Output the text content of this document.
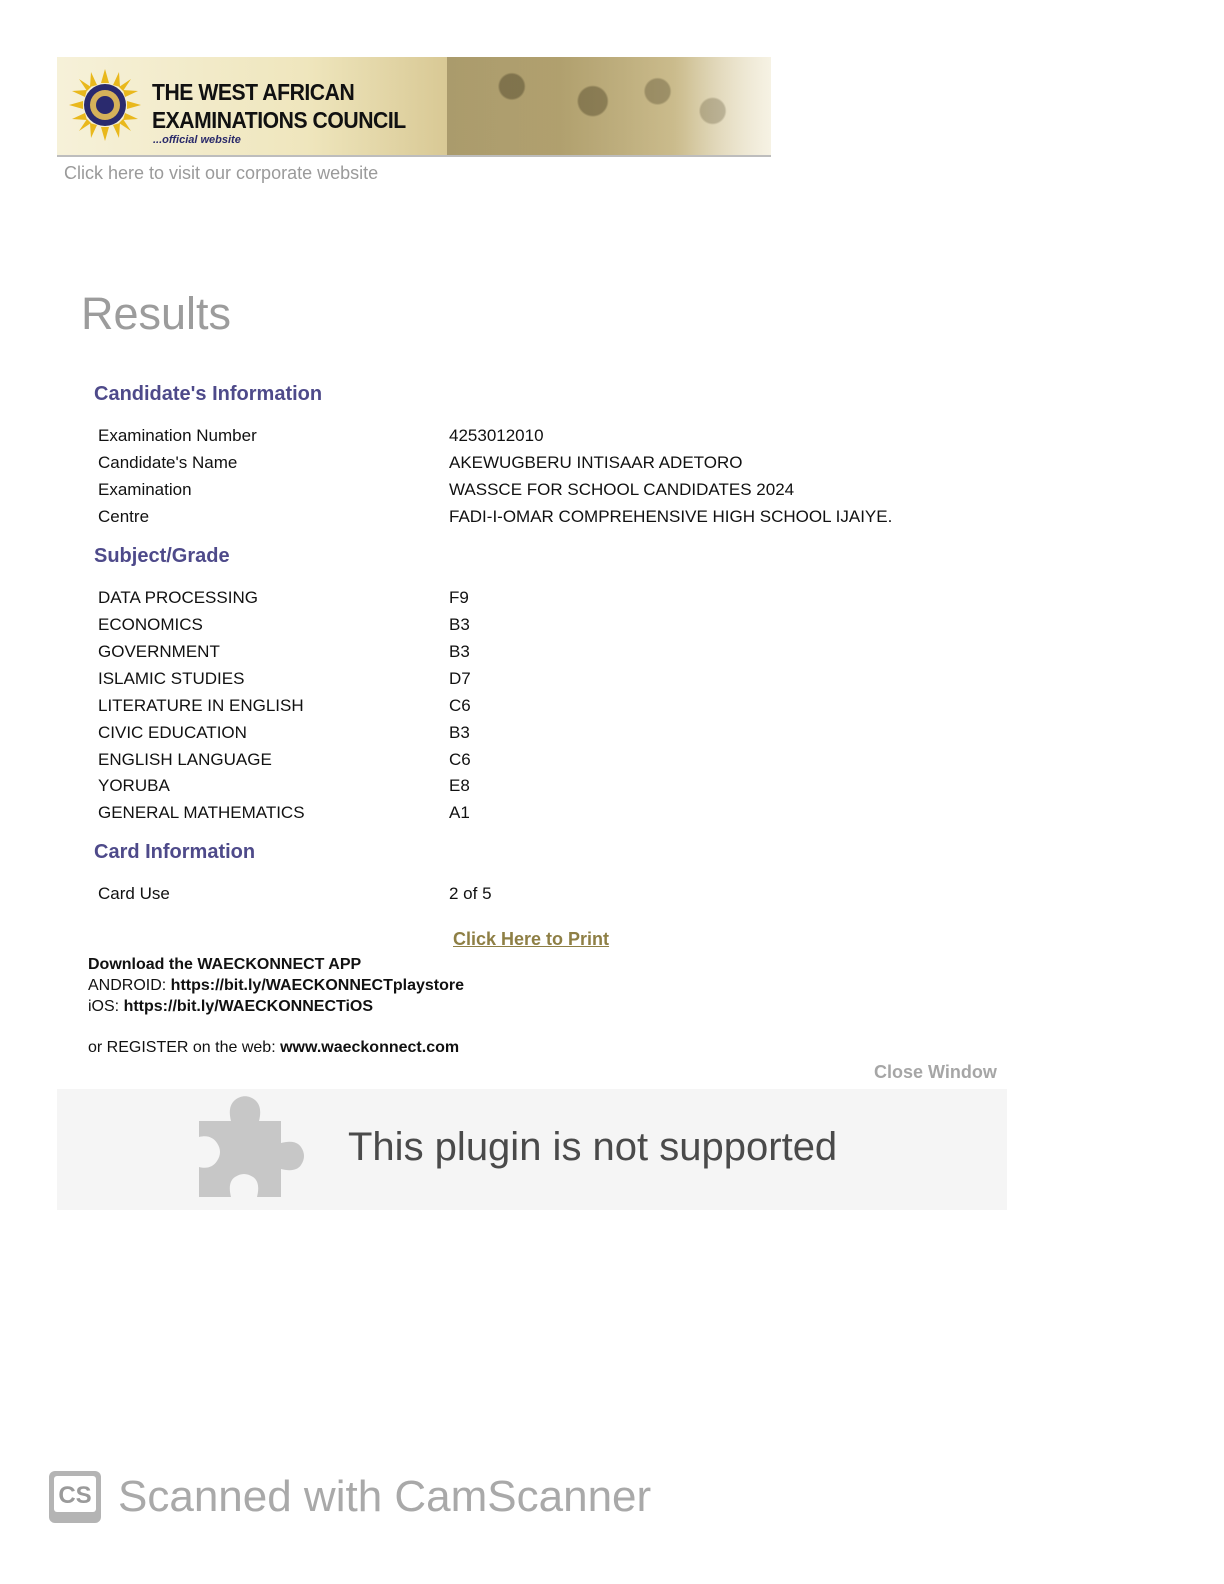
THE WEST AFRICAN
EXAMINATIONS COUNCIL
...official website
Click here to visit our corporate website
Results
Candidate's Information
Examination Number	4253012010
Candidate's Name	AKEWUGBERU INTISAAR ADETORO
Examination	WASSCE FOR SCHOOL CANDIDATES 2024
Centre	FADI-I-OMAR COMPREHENSIVE HIGH SCHOOL IJAIYE.
Subject/Grade
DATA PROCESSING	F9
ECONOMICS	B3
GOVERNMENT	B3
ISLAMIC STUDIES	D7
LITERATURE IN ENGLISH	C6
CIVIC EDUCATION	B3
ENGLISH LANGUAGE	C6
YORUBA	E8
GENERAL MATHEMATICS	A1
Card Information
Card Use	2 of 5
Click Here to Print
Download the WAECKONNECT APP
ANDROID: https://bit.ly/WAECKONNECTplaystore
iOS: https://bit.ly/WAECKONNECTiOS
or REGISTER on the web: www.waeckonnect.com
Close Window
This plugin is not supported
CS Scanned with CamScanner
